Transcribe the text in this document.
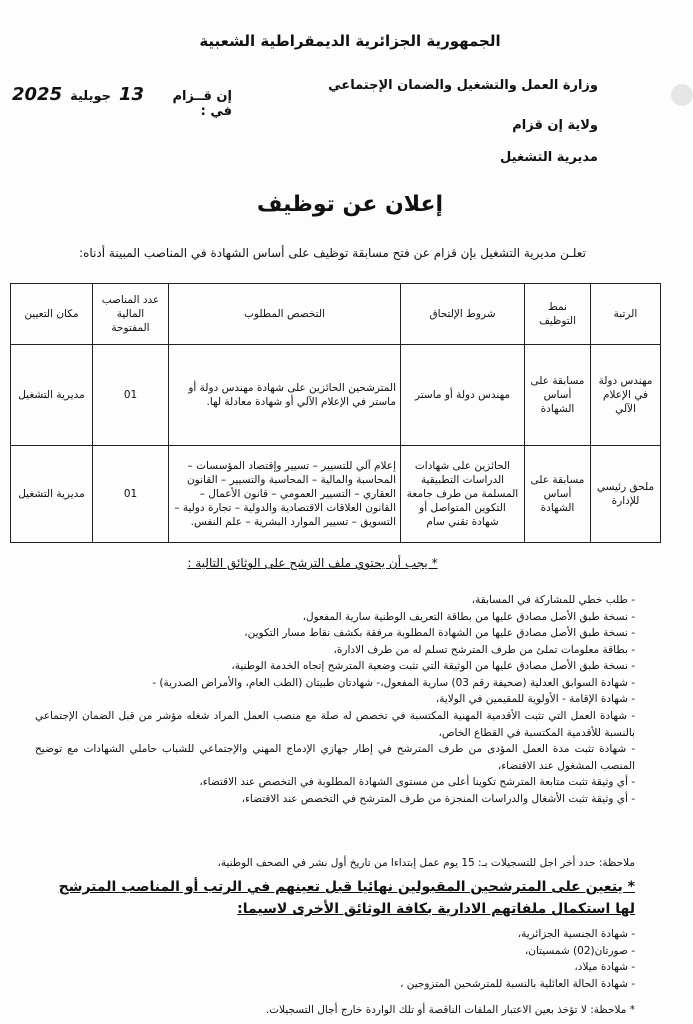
الجمهورية الجزائرية الديمقراطية الشعبية
وزارة العمل والتشغيل والضمان الإجتماعي
إن قــزام في :
13
جويلية
2025
ولاية إن قزام
مديرية التشغيل
إعلان عن توظيف
تعلـن مديرية التشغيل بإن قزام عن فتح مسابقة توظيف على أساس الشهادة في المناصب المبينة أدناه:
الرتبة	نمط التوظيف	شروط الإلتحاق	التخصص المطلوب	عدد المناصب المالية المفتوحة	مكان التعيين
مهندس دولة في الإعلام الآلي	مسابقة على أساس الشهادة	مهندس دولة أو ماستر	المترشحين الحائزين على شهادة مهندس دولة أو ماستر في الإعلام الآلي أو شهادة معادلة لها.	01	مديرية التشغيل
ملحق رئيسي للإدارة	مسابقة على أساس الشهادة	الحائزين على شهادات الدراسات التطبيقية المسلمة من طرف جامعة التكوين المتواصل أو شهادة تقني سام	إعلام آلي للتسيير – تسيير وإقتصاد المؤسسات – المحاسبة والمالية – المحاسبة والتسيير – القانون العقاري – التسيير العمومي – قانون الأعمال – القانون العلاقات الاقتصادية والدولية – تجارة دولية – التسويق – تسيير الموارد البشرية – علم النفس.	01	مديرية التشغيل
* يجب أن يحتوي ملف الترشح على الوثائق التالية :
- طلب خطي للمشاركة في المسابقة،
- نسخة طبق الأصل مصادق عليها من بطاقة التعريف الوطنية سارية المفعول،
- نسخة طبق الأصل مصادق عليها من الشهادة المطلوبة مرفقة بكشف نقاط مسار التكوين،
- بطاقة معلومات تملئ من طرف المترشح تسلم له من طرف الادارة،
- نسخة طبق الأصل مصادق عليها من الوثيقة التي تثبت وضعية المترشح إتجاه الخدمة الوطنية،
- شهادة السوابق العدلية (صحيفة رقم 03) سارية المفعول،- شهادتان طبيتان (الطب العام، والأمراض الصدرية) -
- شهادة الإقامة - الأولوية للمقيمين في الولاية،
- شهادة العمل التي تثبت الأقدمية المهنية المكتسبة في تخصص له صلة مع منصب العمل المراد شغله مؤشر من قبل الضمان الإجتماعي بالنسبة للأقدمية المكتسبة في القطاع الخاص،
- شهادة تثبت مدة العمل المؤدى من طرف المترشح في إطار جهازي الإدماج المهني والإجتماعي للشباب حاملي الشهادات مع توضيح المنصب المشغول عند الاقتضاء،
- أي وثيقة تثبت متابعة المترشح تكوينا أعلى من مستوى الشهادة المطلوبة في التخصص عند الاقتضاء،
- أي وثيقة تثبت الأشغال والدراسات المنجزة من طرف المترشح في التخصص عند الاقتضاء،
ملاحظة: حدد أخر اجل للتسجيلات بـ: 15 يوم عمل إبتداءا من تاريخ أول نشر في الصحف الوطنية،
* يتعين على المترشحين المقبولين نهائيا قبل تعينهم في الرتب أو المناصب المترشح لها استكمال ملفاتهم الادارية بكافة الوثائق الأخرى لاسيما:
- شهادة الجنسية الجزائرية،
- صورتان(02) شمسيتان،
- شهادة ميلاد،
- شهادة الحالة العائلية بالنسبة للمترشحين المتزوجين ،
* ملاحظة: لا تؤخذ بعين الاعتبار الملفات الناقصة أو تلك الواردة خارج أجال التسجيلات.
